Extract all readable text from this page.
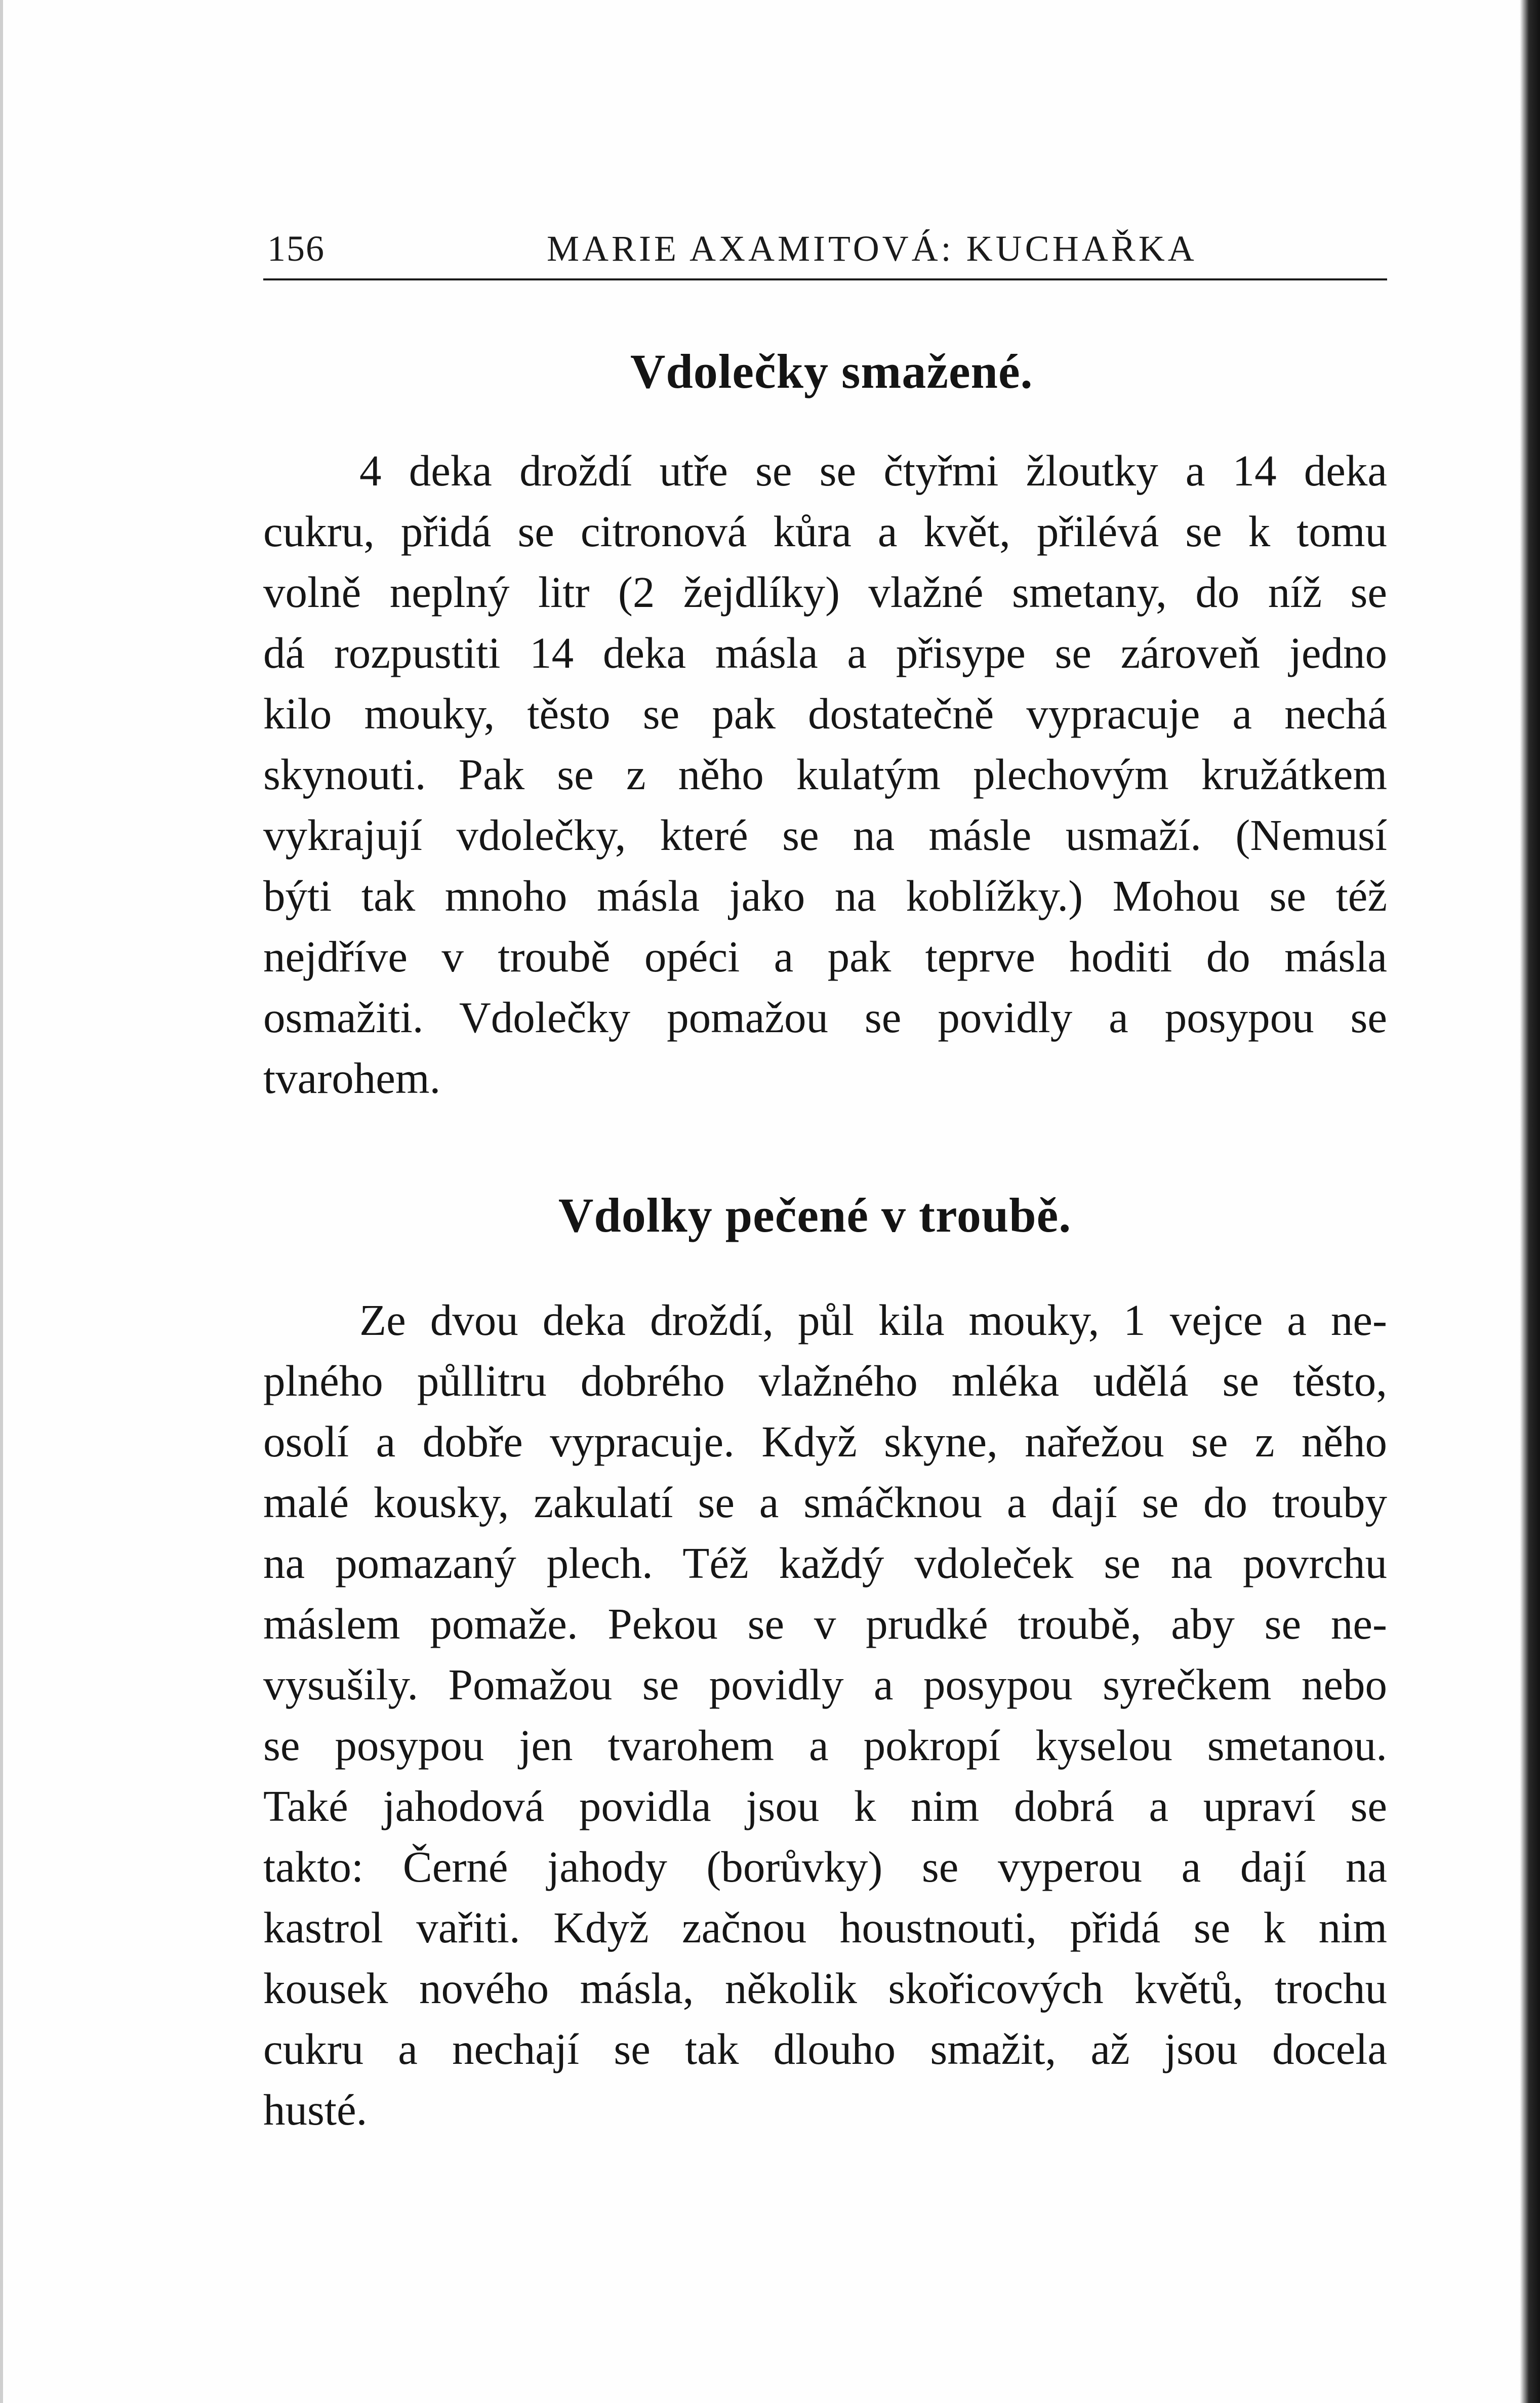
156	MARIE AXAMITOVÁ: KUCHAŘKA
Vdolečky smažené.
4 deka droždí utře se se čtyřmi žloutky a 14 deka
cukru, přidá se citronová kůra a květ, přilévá se k tomu
volně neplný litr (2 žejdlíky) vlažné smetany, do níž se
dá rozpustiti 14 deka másla a přisype se zároveň jedno
kilo mouky, těsto se pak dostatečně vypracuje a nechá
skynouti. Pak se z něho kulatým plechovým kružátkem
vykrajují vdolečky, které se na másle usmaží. (Nemusí
býti tak mnoho másla jako na koblížky.) Mohou se též
nejdříve v troubě opéci a pak teprve hoditi do másla
osmažiti. Vdolečky pomažou se povidly a posypou se
tvarohem.
Vdolky pečené v troubě.
Ze dvou deka droždí, půl kila mouky, 1 vejce a ne-
plného půllitru dobrého vlažného mléka udělá se těsto,
osolí a dobře vypracuje. Když skyne, nařežou se z něho
malé kousky, zakulatí se a smáčknou a dají se do trouby
na pomazaný plech. Též každý vdoleček se na povrchu
máslem pomaže. Pekou se v prudké troubě, aby se ne-
vysušily. Pomažou se povidly a posypou syrečkem nebo
se posypou jen tvarohem a pokropí kyselou smetanou.
Také jahodová povidla jsou k nim dobrá a upraví se
takto: Černé jahody (borůvky) se vyperou a dají na
kastrol vařiti. Když začnou houstnouti, přidá se k nim
kousek nového másla, několik skořicových květů, trochu
cukru a nechají se tak dlouho smažit, až jsou docela
husté.
